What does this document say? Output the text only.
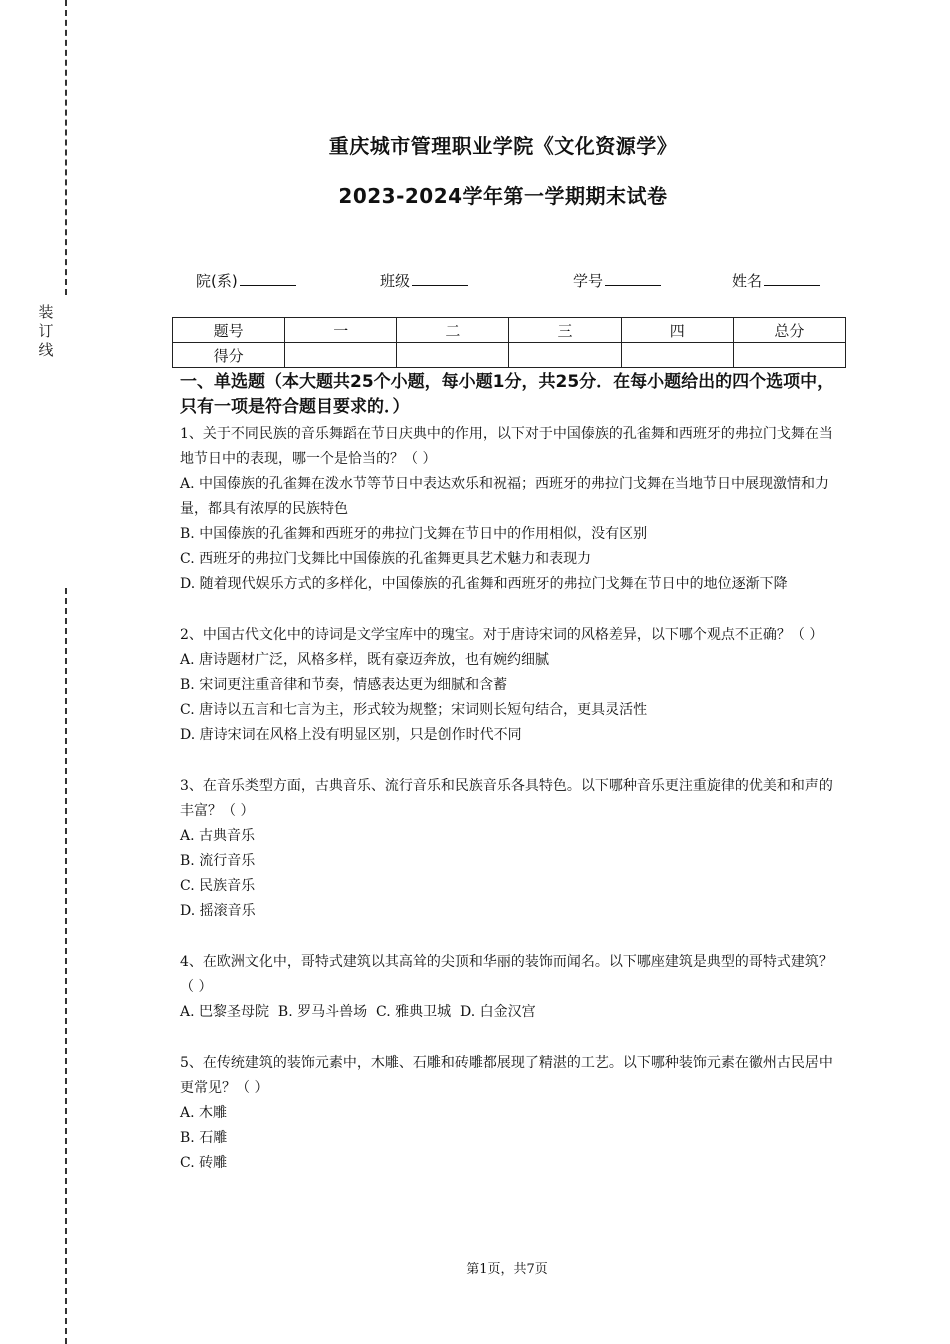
装
订
线
重庆城市管理职业学院《文化资源学》
2023-2024学年第一学期期末试卷
院(系)	班级	学号	姓名
题号	一	二	三	四	总分
得分					
一、单选题（本大题共25个小题，每小题1分，共25分．在每小题给出的四个选项中，只有一项是符合题目要求的．）
1、关于不同民族的音乐舞蹈在节日庆典中的作用，以下对于中国傣族的孔雀舞和西班牙的弗拉门戈舞在当地节日中的表现，哪一个是恰当的？（ ）
A. 中国傣族的孔雀舞在泼水节等节日中表达欢乐和祝福；西班牙的弗拉门戈舞在当地节日中展现激情和力量，都具有浓厚的民族特色
B. 中国傣族的孔雀舞和西班牙的弗拉门戈舞在节日中的作用相似，没有区别
C. 西班牙的弗拉门戈舞比中国傣族的孔雀舞更具艺术魅力和表现力
D. 随着现代娱乐方式的多样化，中国傣族的孔雀舞和西班牙的弗拉门戈舞在节日中的地位逐渐下降
2、中国古代文化中的诗词是文学宝库中的瑰宝。对于唐诗宋词的风格差异，以下哪个观点不正确？（ ）
A. 唐诗题材广泛，风格多样，既有豪迈奔放，也有婉约细腻
B. 宋词更注重音律和节奏，情感表达更为细腻和含蓄
C. 唐诗以五言和七言为主，形式较为规整；宋词则长短句结合，更具灵活性
D. 唐诗宋词在风格上没有明显区别，只是创作时代不同
3、在音乐类型方面，古典音乐、流行音乐和民族音乐各具特色。以下哪种音乐更注重旋律的优美和和声的丰富？（ ）
A. 古典音乐
B. 流行音乐
C. 民族音乐
D. 摇滚音乐
4、在欧洲文化中，哥特式建筑以其高耸的尖顶和华丽的装饰而闻名。以下哪座建筑是典型的哥特式建筑？（ ）
A. 巴黎圣母院  B. 罗马斗兽场  C. 雅典卫城  D. 白金汉宫
5、在传统建筑的装饰元素中，木雕、石雕和砖雕都展现了精湛的工艺。以下哪种装饰元素在徽州古民居中更常见？（ ）
A. 木雕
B. 石雕
C. 砖雕
第1页，共7页
